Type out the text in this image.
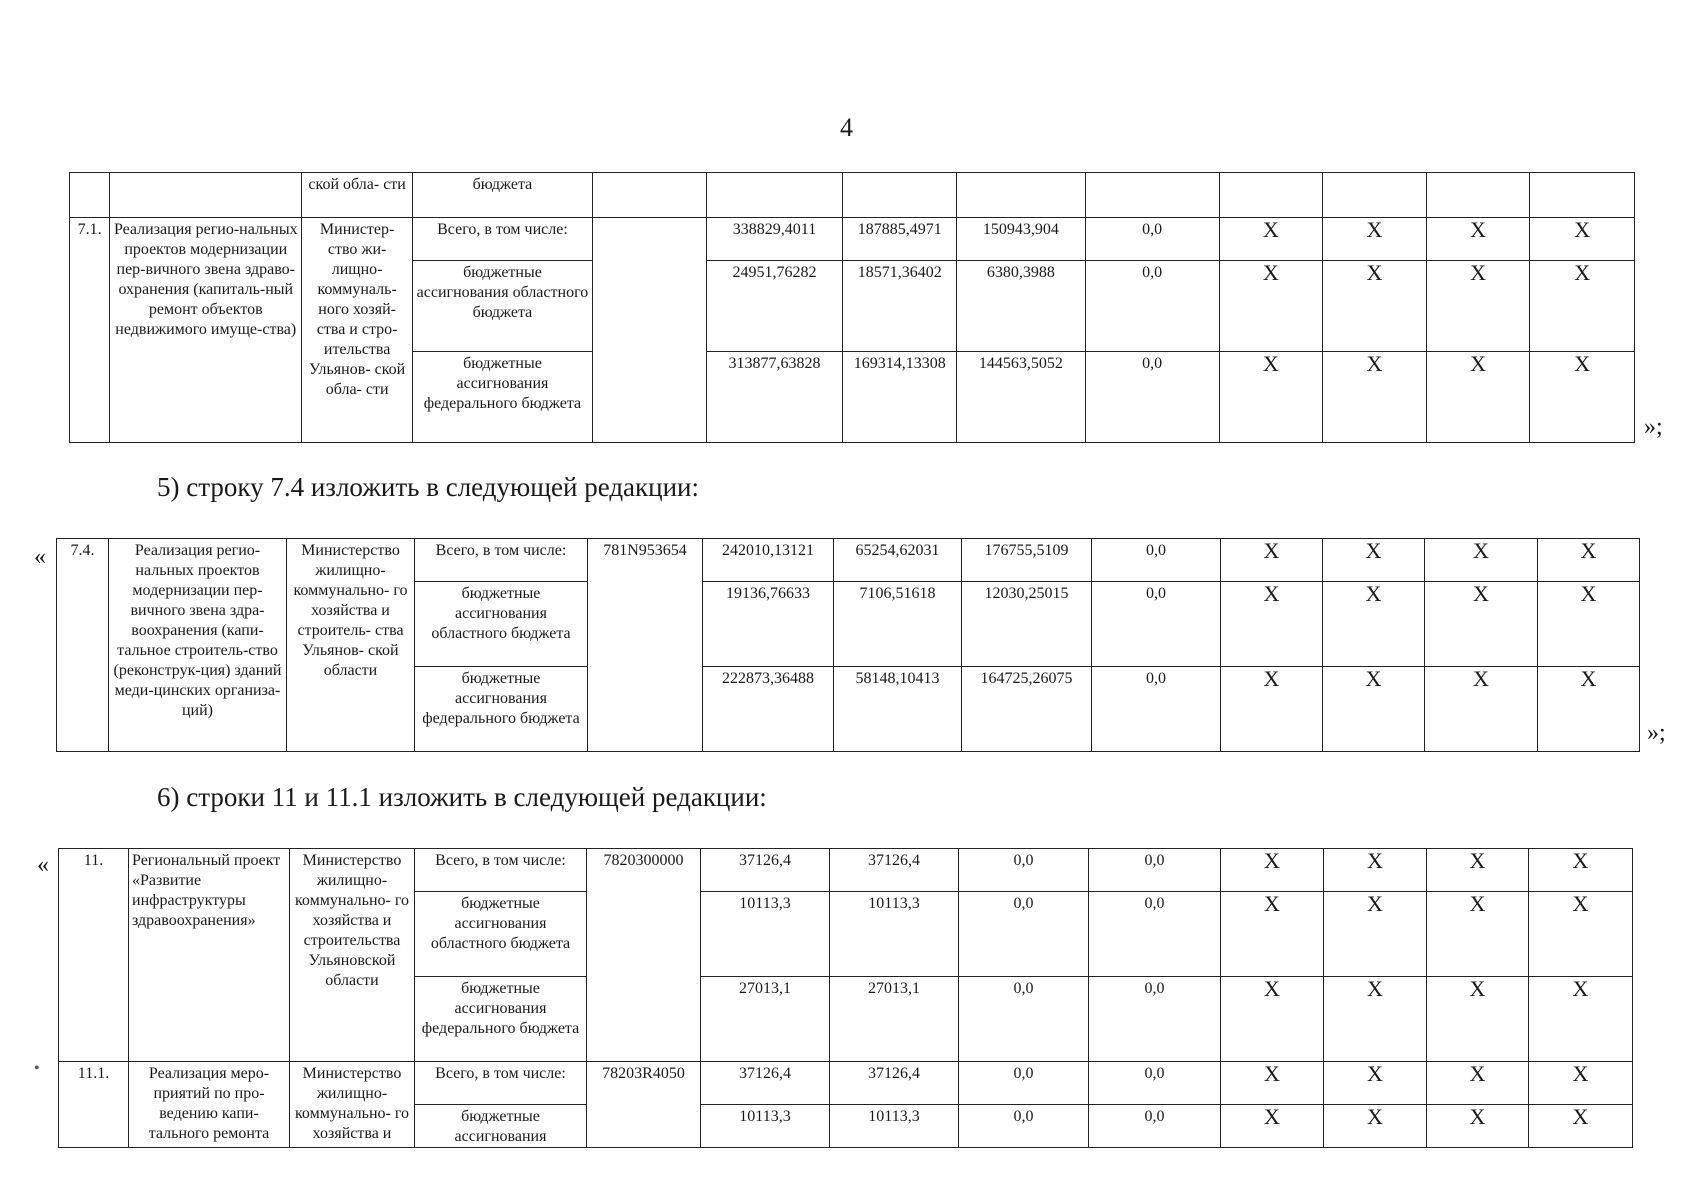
4
		ской обла- сти	бюджета									
7.1.	Реализация регио-нальных проектов модернизации пер-вичного звена здраво-охранения (капиталь-ный ремонт объектов недвижимого имуще-ства)	Министер- ство жи- лищно- коммуналь- ного хозяй- ства и стро- ительства Ульянов- ской обла- сти	Всего, в том числе:		338829,4011	187885,4971	150943,904	0,0	X	X	X	X
			бюджетные ассигнования областного бюджета		24951,76282	18571,36402	6380,3988	0,0	X	X	X	X
			бюджетные ассигнования федерального бюджета		313877,63828	169314,13308	144563,5052	0,0	X	X	X	X
»;
5) строку 7.4 изложить в следующей редакции:
« 7.4.	Реализация регио-нальных проектов модернизации пер-вичного звена здра-воохранения (капи-тальное строитель-ство (реконструк-ция) зданий меди-цинских организа-ций)	Министерство жилищно- коммунально- го хозяйства и строитель- ства Ульянов- ской области	Всего, в том числе:	781N953654	242010,13121	65254,62031	176755,5109	0,0	X	X	X	X
			бюджетные ассигнования областного бюджета		19136,76633	7106,51618	12030,25015	0,0	X	X	X	X
			бюджетные ассигнования федерального бюджета		222873,36488	58148,10413	164725,26075	0,0	X	X	X	X
»;
6) строки 11 и 11.1 изложить в следующей редакции:
«
•
11.	Региональный проект «Развитие инфраструктуры здравоохранения»	Министерство жилищно- коммунально- го хозяйства и строительства Ульяновской области	Всего, в том числе:	7820300000	37126,4	37126,4	0,0	0,0	X	X	X	X
			бюджетные ассигнования областного бюджета		10113,3	10113,3	0,0	0,0	X	X	X	X
			бюджетные ассигнования федерального бюджета		27013,1	27013,1	0,0	0,0	X	X	X	X
11.1.	Реализация меро-приятий по про-ведению капи-тального ремонта	Министерство жилищно- коммунально- го хозяйства и	Всего, в том числе:	78203R4050	37126,4	37126,4	0,0	0,0	X	X	X	X
			бюджетные ассигнования		10113,3	10113,3	0,0	0,0	X	X	X	X
